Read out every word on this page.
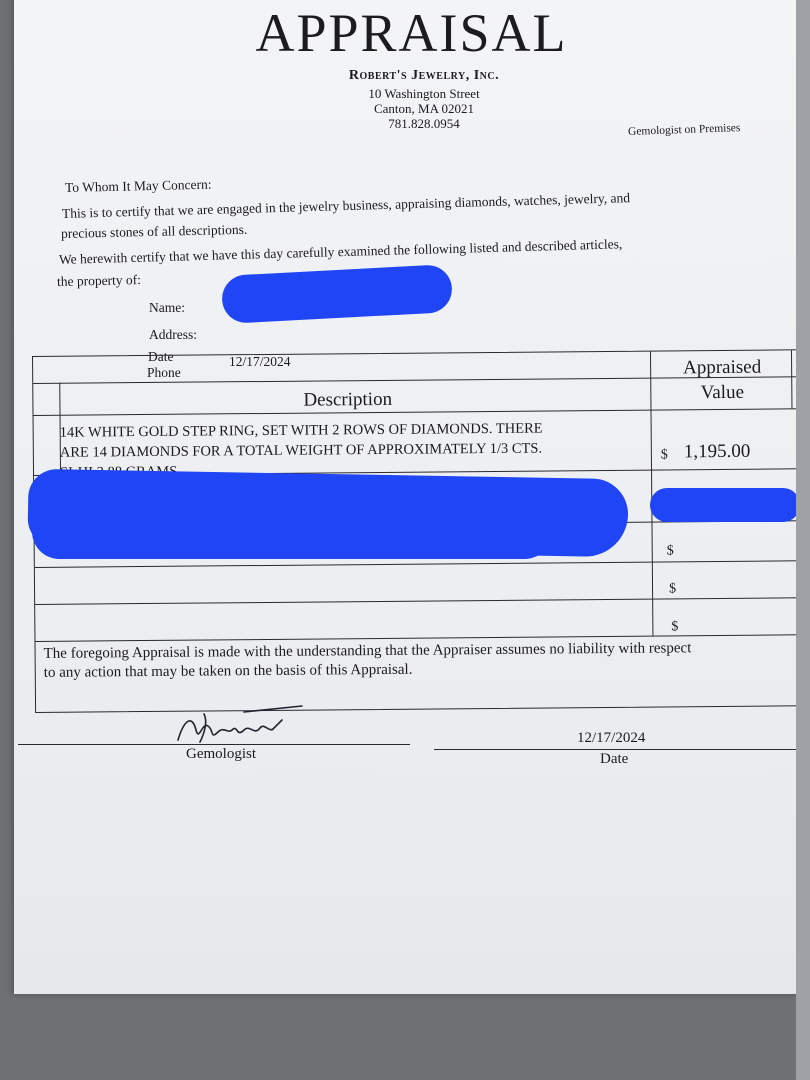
APPRAISAL
Robert's Jewelry, Inc.
10 Washington Street
Canton, MA 02021
781.828.0954	Gemologist on Premises
To Whom It May Concern:
This is to certify that we are engaged in the jewelry business, appraising diamonds, watches, jewelry, and
precious stones of all descriptions.
We herewith certify that we have this day carefully examined the following listed and described articles,
the property of:
Name:
Address:
Date
Phone
12/17/2024
Description
Appraised
Value
14K WHITE GOLD STEP RING, SET WITH 2 ROWS OF DIAMONDS. THERE
ARE 14 DIAMONDS FOR A TOTAL WEIGHT OF APPROXIMATELY 1/3 CTS.	$ 1,195.00
$
$
$
The foregoing Appraisal is made with the understanding that the Appraiser assumes no liability with respect
to any action that may be taken on the basis of this Appraisal.
Gemologist
12/17/2024
Date
